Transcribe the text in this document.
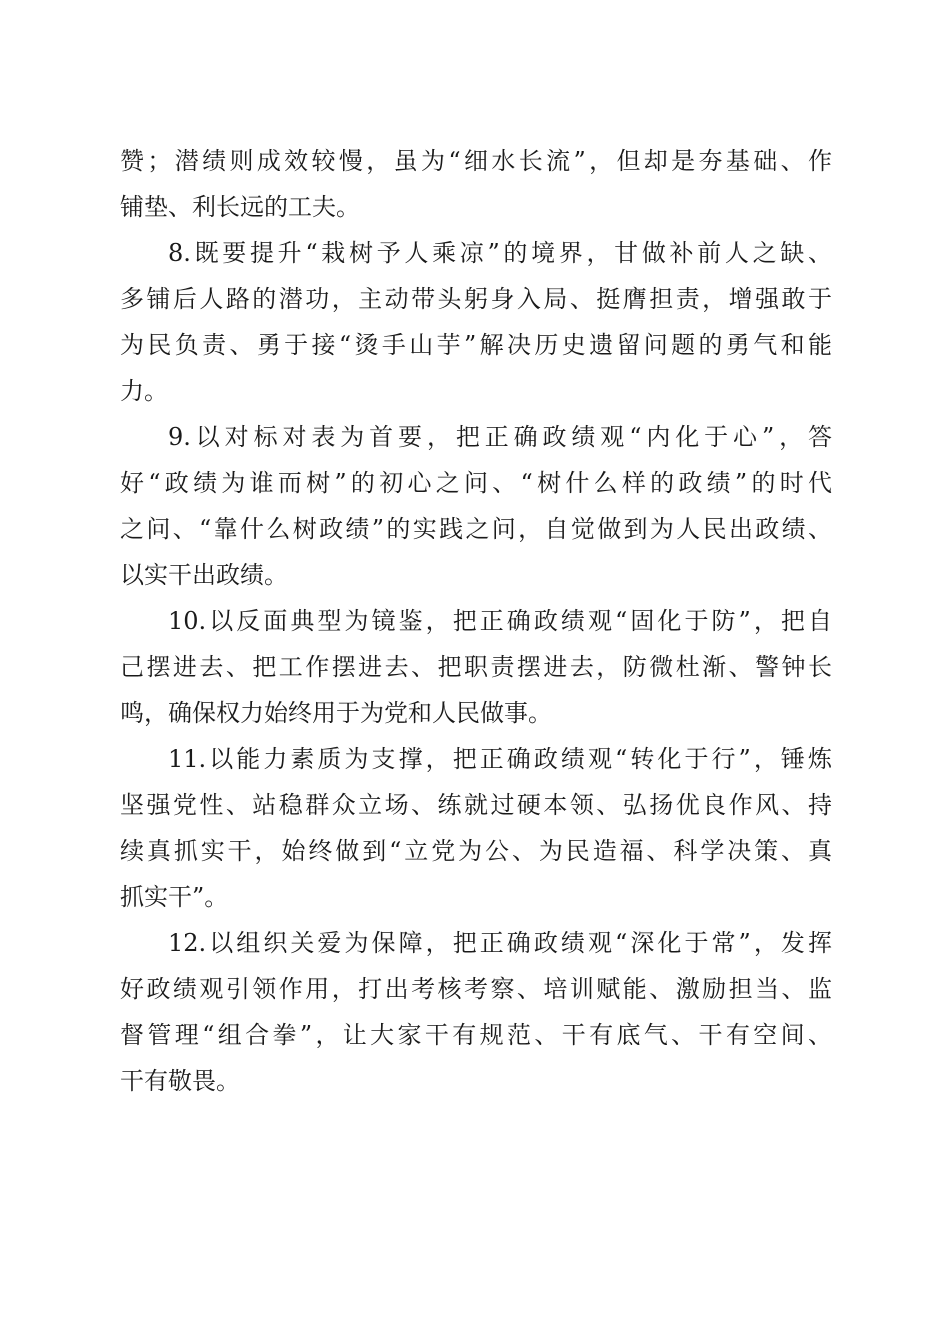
赞；潜绩则成效较慢，虽为“细水长流”，但却是夯基础、作
铺垫、利长远的工夫。
8.既要提升“栽树予人乘凉”的境界，甘做补前人之缺、
多铺后人路的潜功，主动带头躬身入局、挺膺担责，增强敢于
为民负责、勇于接“烫手山芋”解决历史遗留问题的勇气和能
力。
9.以对标对表为首要，把正确政绩观“内化于心”，答
好“政绩为谁而树”的初心之问、“树什么样的政绩”的时代
之问、“靠什么树政绩”的实践之问，自觉做到为人民出政绩、
以实干出政绩。
10.以反面典型为镜鉴，把正确政绩观“固化于防”，把自
己摆进去、把工作摆进去、把职责摆进去，防微杜渐、警钟长
鸣，确保权力始终用于为党和人民做事。
11.以能力素质为支撑，把正确政绩观“转化于行”，锤炼
坚强党性、站稳群众立场、练就过硬本领、弘扬优良作风、持
续真抓实干，始终做到“立党为公、为民造福、科学决策、真
抓实干”。
12.以组织关爱为保障，把正确政绩观“深化于常”，发挥
好政绩观引领作用，打出考核考察、培训赋能、激励担当、监
督管理“组合拳”，让大家干有规范、干有底气、干有空间、
干有敬畏。
